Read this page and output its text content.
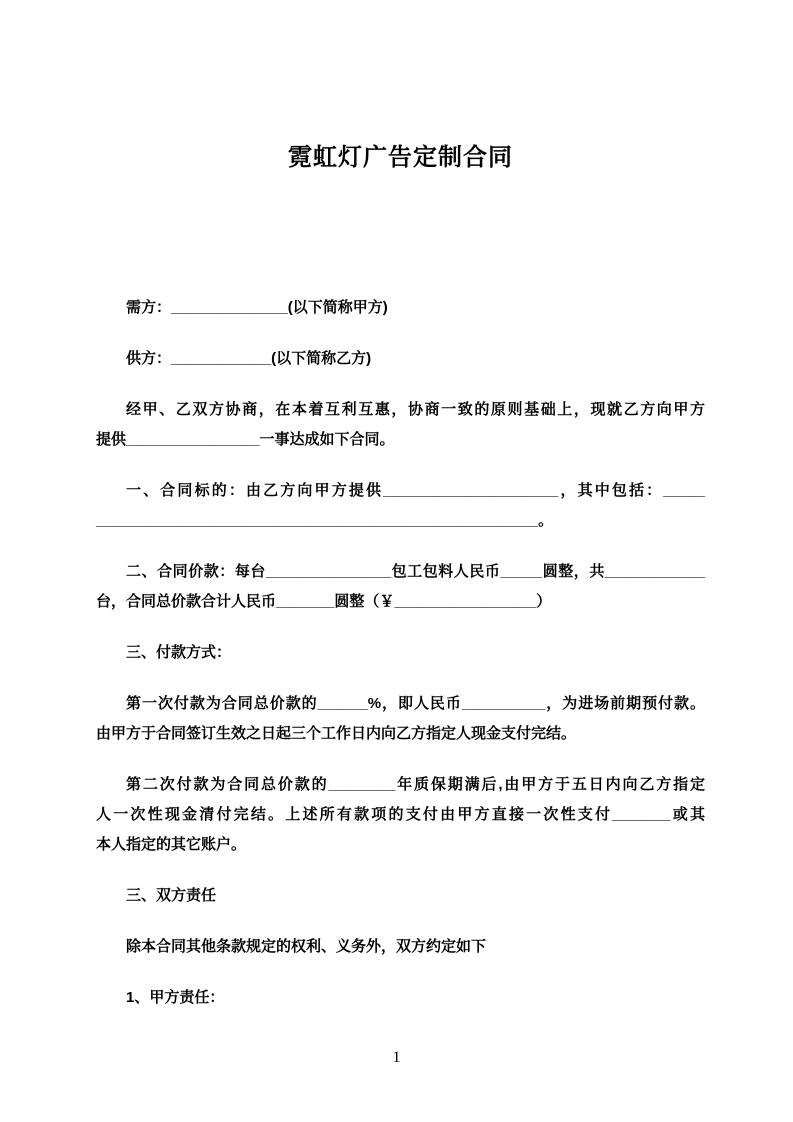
霓虹灯广告定制合同
需方：______________(以下简称甲方)
供方：____________(以下简称乙方)
经甲、乙双方协商，在本着互利互惠，协商一致的原则基础上，现就乙方向甲方
提供________________一事达成如下合同。
一、合同标的：由乙方向甲方提供_____________________，其中包括：_____
_____________________________________________________。
二、合同价款：每台_______________包工包料人民币_____圆整，共____________
台，合同总价款合计人民币_______圆整（￥_________________）
三、付款方式：
第一次付款为合同总价款的______%，即人民币__________，为进场前期预付款。
由甲方于合同签订生效之日起三个工作日内向乙方指定人现金支付完结。
第二次付款为合同总价款的________年质保期满后,由甲方于五日内向乙方指定
人一次性现金清付完结。上述所有款项的支付由甲方直接一次性支付_______或其
本人指定的其它账户。
三、双方责任
除本合同其他条款规定的权利、义务外，双方约定如下
1、甲方责任：
1
